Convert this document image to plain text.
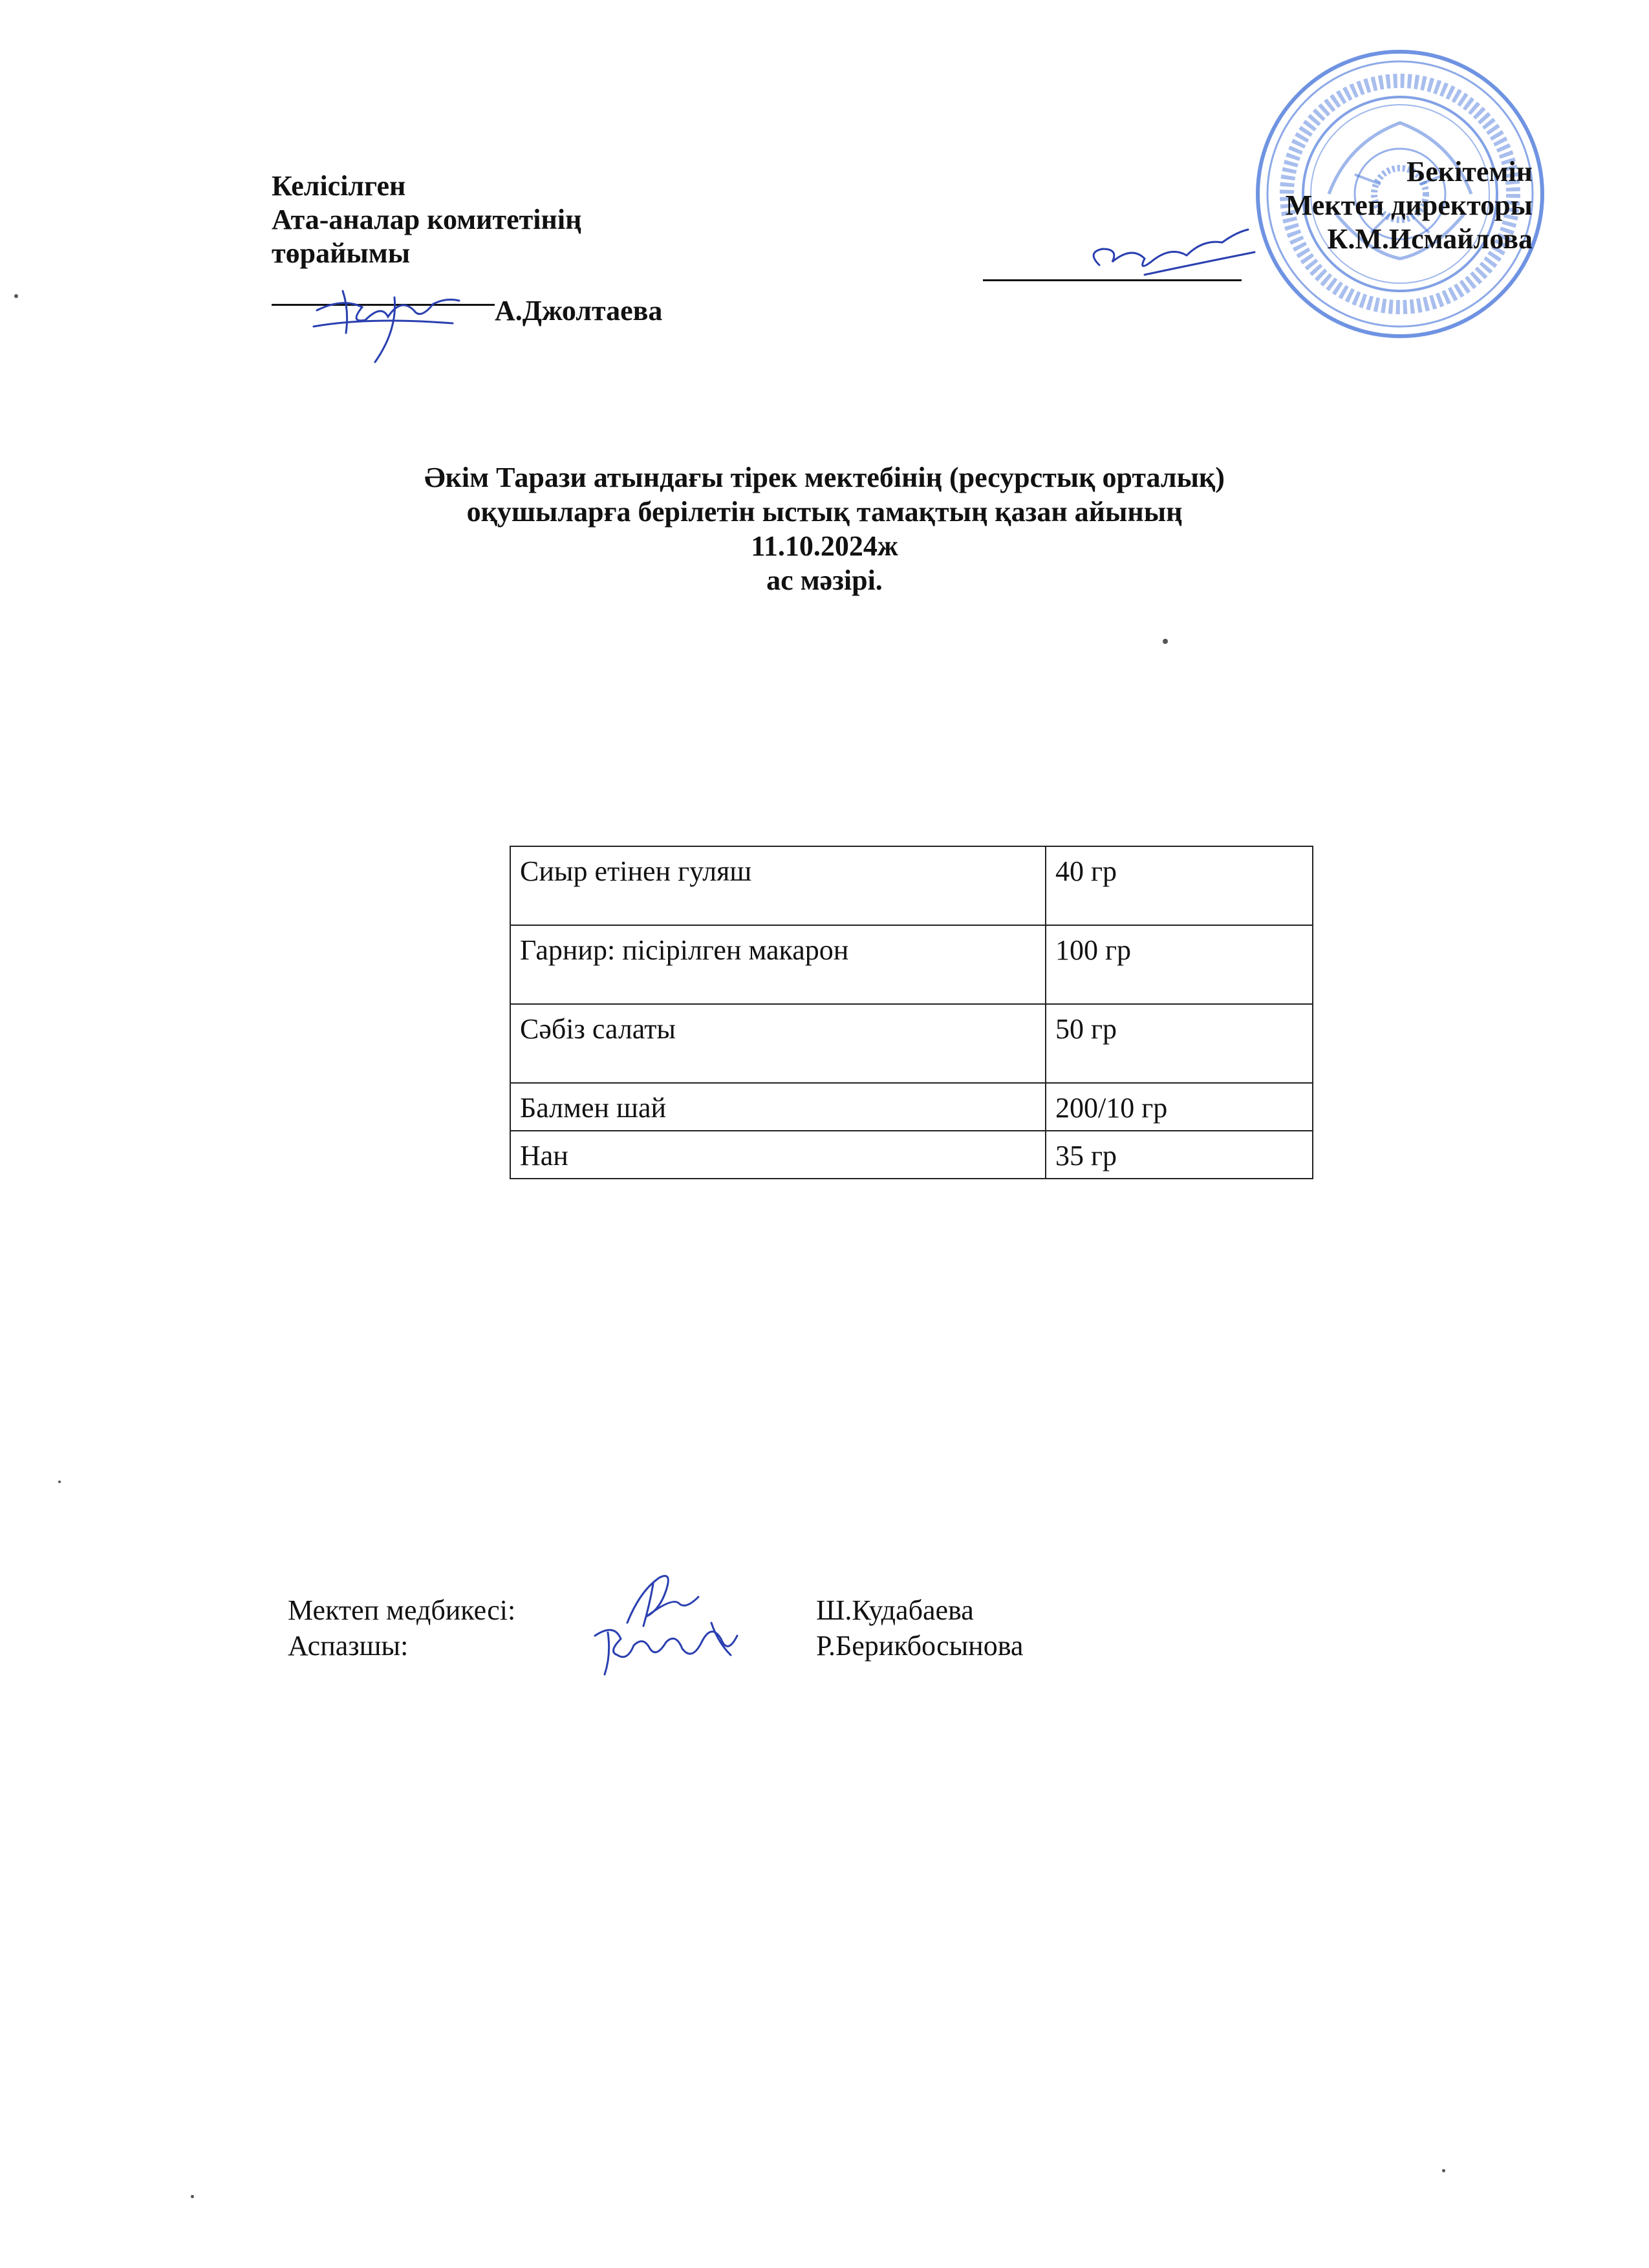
Келісілген
Ата-аналар комитетінің
төрайымы
А.Джолтаева
Бекітемін
Мектеп директоры
К.М.Исмайлова
Әкім Тарази атындағы тірек мектебінің (ресурстық орталық)
оқушыларға берілетін ыстық тамақтың қазан айының
11.10.2024ж
ас мәзірі.
Сиыр етінен гуляш	40 гр
Гарнир: пісірілген макарон	100 гр
Сәбіз салаты	50 гр
Балмен шай	200/10 гр
Нан	35 гр
Мектеп медбикесі:	Ш.Кудабаева
Аспазшы:	Р.Берикбосынова
